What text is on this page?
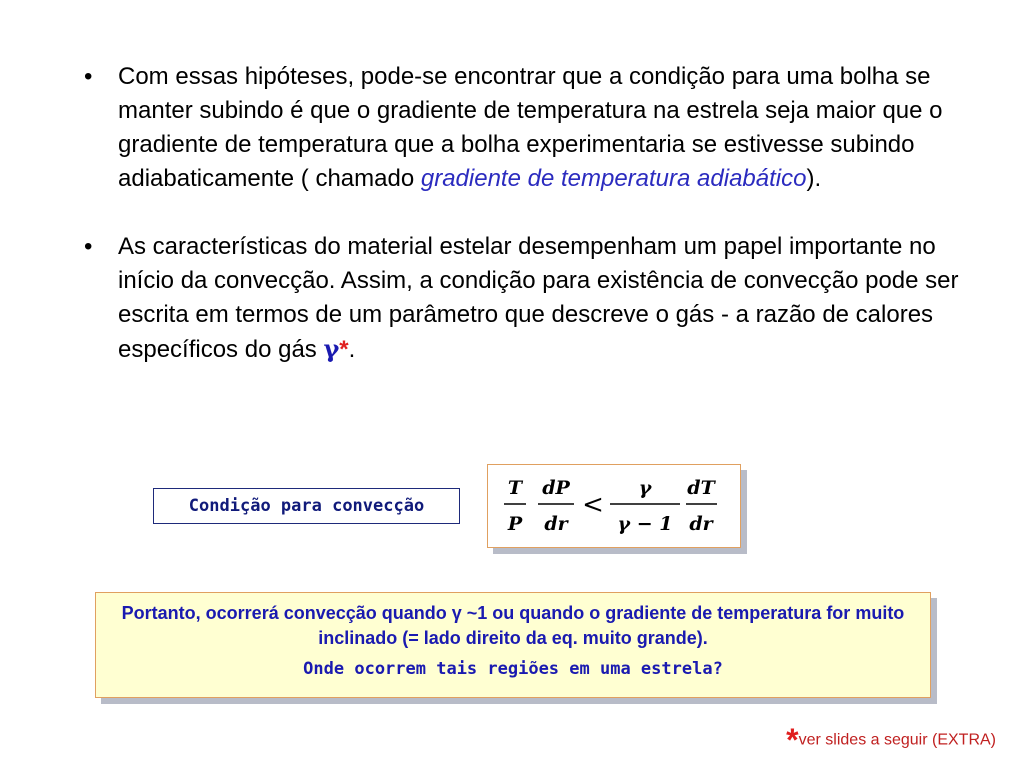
• Com essas hipóteses, pode-se encontrar que a condição para uma bolha se manter subindo é que o gradiente de temperatura na estrela seja maior que o gradiente de temperatura que a bolha experimentaria se estivesse subindo adiabaticamente ( chamado gradiente de temperatura adiabático).
• As características do material estelar desempenham um papel importante no início da convecção. Assim, a condição para existência de convecção pode ser escrita em termos de um parâmetro que descreve o gás - a razão de calores específicos do gás γ*.
Condição para convecção
T
P
dP
dr
γ
γ − 1
dT
dr
<
Portanto, ocorrerá convecção quando γ ~1 ou quando o gradiente de temperatura for muito inclinado (= lado direito da eq. muito grande).
Onde ocorrem tais regiões em uma estrela?
*ver slides a seguir (EXTRA)
